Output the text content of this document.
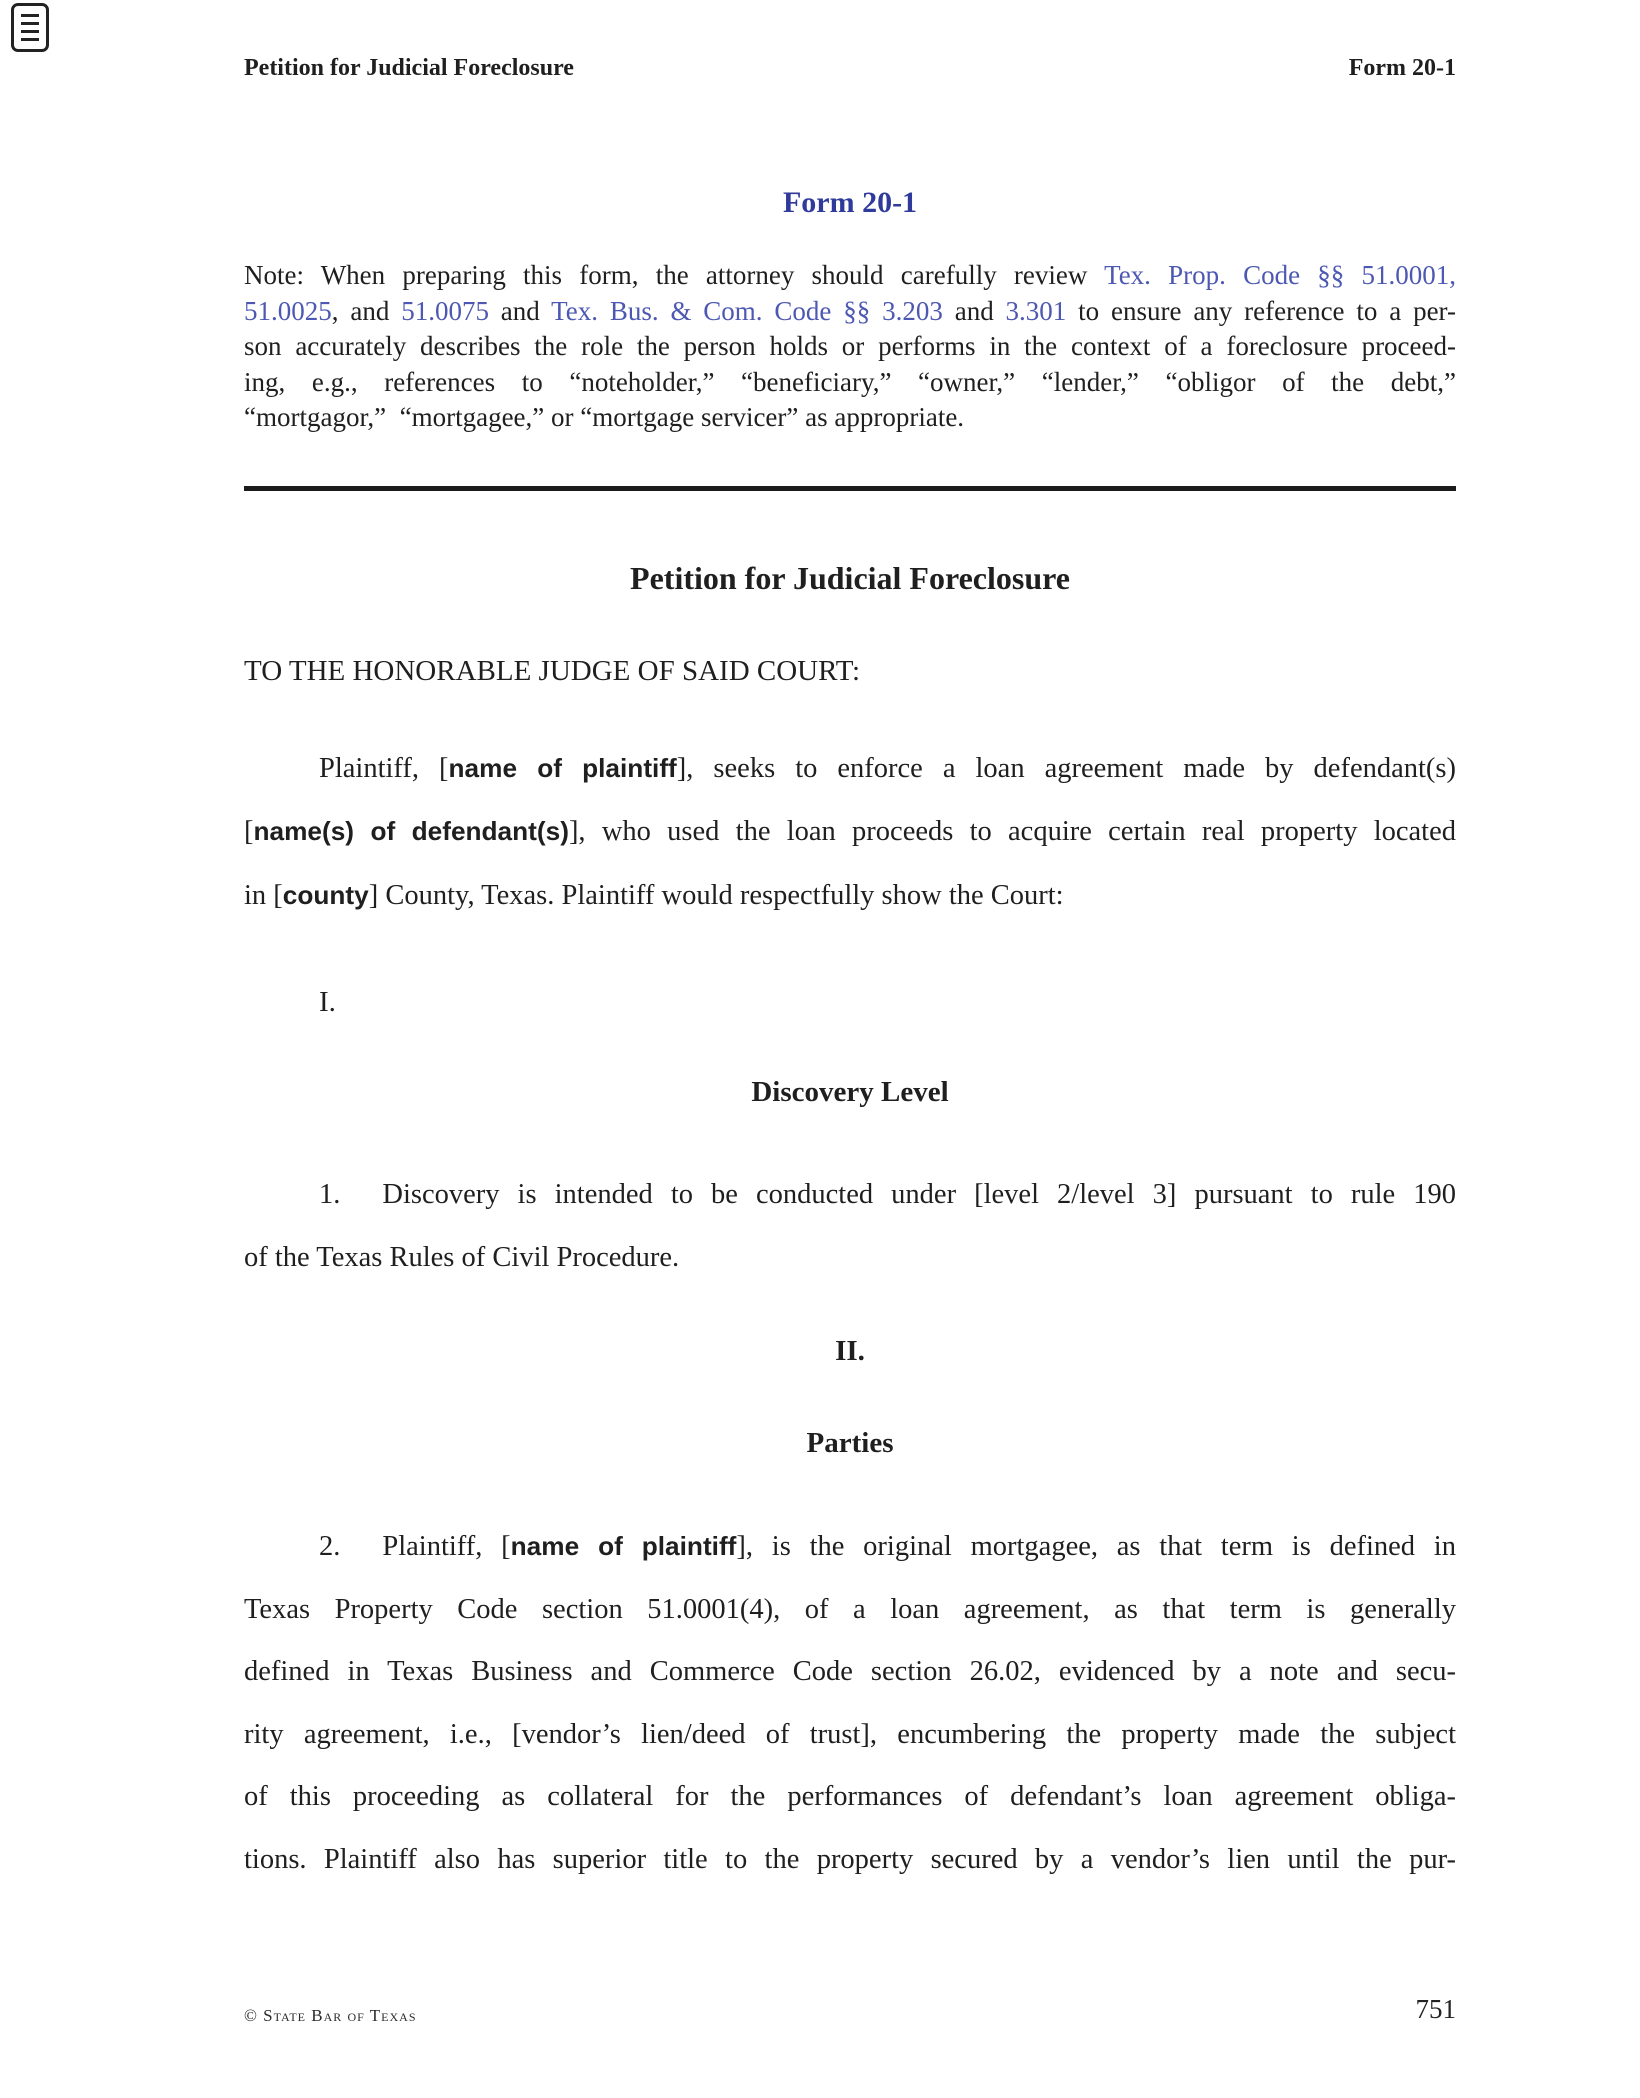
Petition for Judicial Foreclosure	Form 20-1
Form 20-1
Note: When preparing this form, the attorney should carefully review Tex. Prop. Code §§ 51.0001,
51.0025, and 51.0075 and Tex. Bus. & Com. Code §§ 3.203 and 3.301 to ensure any reference to a per-
son accurately describes the role the person holds or performs in the context of a foreclosure proceed-
ing, e.g., references to “noteholder,” “beneficiary,” “owner,” “lender,” “obligor of the debt,”
“mortgagor,”  “mortgagee,” or “mortgage servicer” as appropriate.
Petition for Judicial Foreclosure
TO THE HONORABLE JUDGE OF SAID COURT:
Plaintiff, [name of plaintiff], seeks to enforce a loan agreement made by defendant(s)
[name(s) of defendant(s)], who used the loan proceeds to acquire certain real property located
in [county] County, Texas. Plaintiff would respectfully show the Court:
I.
Discovery Level
1. Discovery is intended to be conducted under [level 2/level 3] pursuant to rule 190
of the Texas Rules of Civil Procedure.
II.
Parties
2. Plaintiff, [name of plaintiff], is the original mortgagee, as that term is defined in
Texas Property Code section 51.0001(4), of a loan agreement, as that term is generally
defined in Texas Business and Commerce Code section 26.02, evidenced by a note and secu-
rity agreement, i.e., [vendor’s lien/deed of trust], encumbering the property made the subject
of this proceeding as collateral for the performances of defendant’s loan agreement obliga-
tions. Plaintiff also has superior title to the property secured by a vendor’s lien until the pur-
© State Bar of Texas	751
